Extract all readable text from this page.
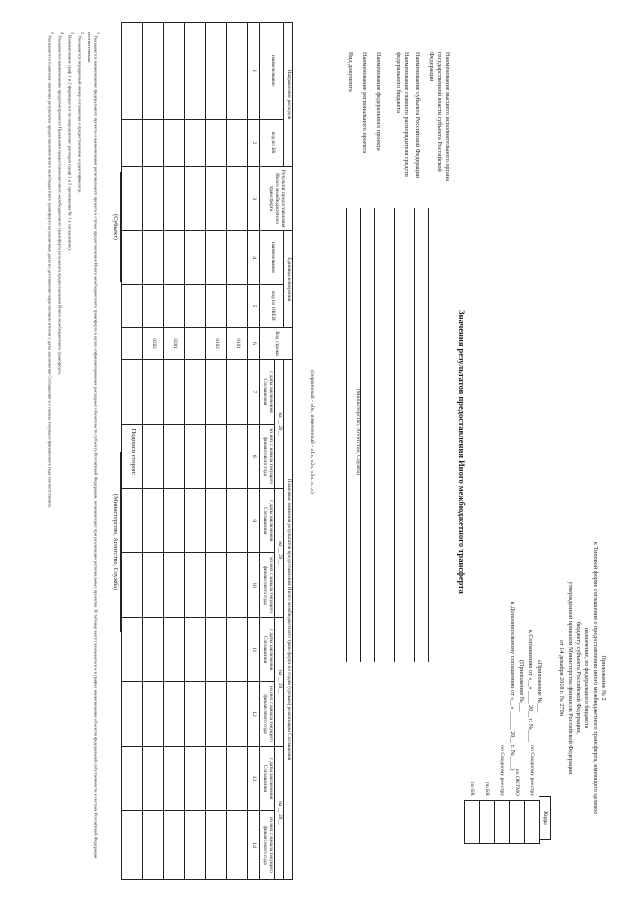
Приложение № 2
к Типовой форме соглашения о предоставлении иного межбюджетного трансферта, имеющего целевое
назначение, из федерального бюджета
бюджету субъекта Российской Федерации,
утвержденной приказом Министерства финансов Российской Федерации
от 14 декабря 2018 г. № 270н
«Приложение №___
к Соглашению от «__» ____ 20__ г. №____
(Приложение №___
к Дополнительному соглашению от «__» ______ 20__ г. №____)
Коды
по Сводному реестру
по ОКТМО
по Сводному реестру
по БК
по БК
Значения результатов предоставления Иного межбюджетного трансферта
Наименование высшего исполнительного органа государственной власти субъекта Российской Федерации
Наименование субъекта Российской Федерации
Наименование главного распорядителя средств федерального бюджета
Наименование федерального проекта
Наименование регионального проекта
Вид документа
(Министерство, Агентство, Служба)
(первичный - «0», измененный - «1», «2», «3», «...»)
Направление расходов		Результат предоставления Иного межбюджетного трансферта	Единица измерения		Код строки	Плановые значения результатов предоставления Иного межбюджетного трансферта по годам (срокам) реализации Соглашения							
наименование	код по БК		наименование	код по ОКЕИ		на __ 20__		на __ 20__		на __ 20__		на __ 20__	
						с даты заключения Соглашения	из них с начала текущего финансового года	с даты заключения Соглашения	из них с начала текущего финансового года	с даты заключения Соглашения	из них с начала текущего финансового года	с даты заключения Соглашения	из них с начала текущего финансового года
1	2	3	4	5	6	7	8	9	10	11	12	13	14
					0101								
					0102								

					0201								
					0202								

Подписи сторон:
(Субъект)
(Министерство, Агентство, Служба)

$^1$ Указывается наименование федерального проекта и наименование регионального проекта в случае предоставления Иного межбюджетного трансферта в целях софинансирования расходных обязательств субъекта Российской Федерации, возникающих при реализации региональных проектов. В таблице могут указываться и в графах наименования объектов федеральной собственности в составе Российской Федерации соответственно.

$^2$ Указывается порядковый номер соглашения о предоставлении и идентификатор.

$^3$ Наименование граф 1 и 2 формируется по направлению расходов (граф 1 и 2 приложения № 1 к соглашению).

$^4$ Указывается наименование предусмотренного Правилами предоставления иного межбюджетного трансферта результата предоставления Иного межбюджетного трансферта.

$^5$ Указываются плановые значения результатов предоставления иного межбюджетного трансферта на различные даты их достижения нарастающим итогом с даты заключения Соглашения и с начала текущего финансового года соответственно.
